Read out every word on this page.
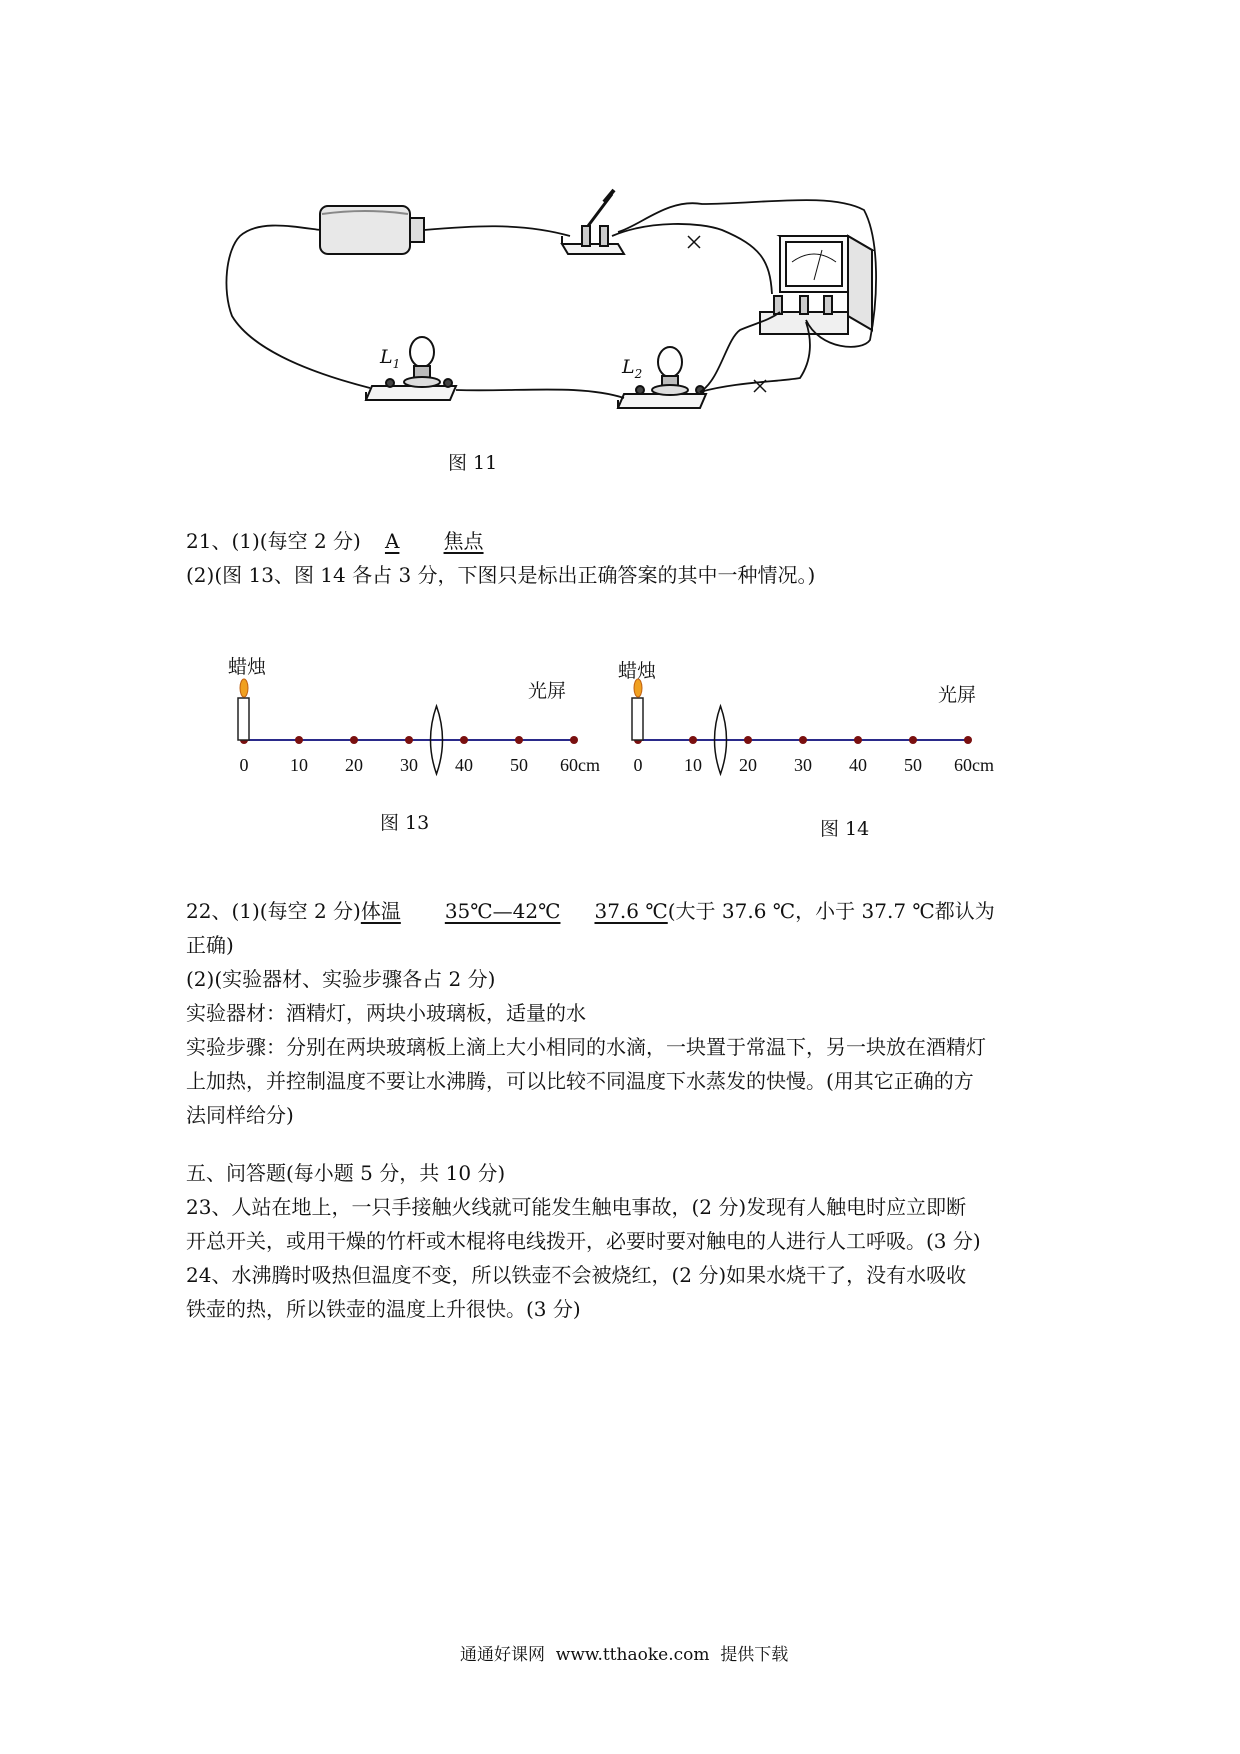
$L_1$	$L_2$
图 11
21、(1)(每空 2 分) A 焦点
(2)(图 13、图 14 各占 3 分，下图只是标出正确答案的其中一种情况。)
0 10 20 30 40 50 60cm 0 10 20 30 40 50 60cm
蜡烛
光屏
图 13
蜡烛
光屏
图 14
22、(1)(每空 2 分)体温 35℃—42℃ 37.6 ℃(大于 37.6 ℃，小于 37.7 ℃都认为
正确)
(2)(实验器材、实验步骤各占 2 分)
实验器材：酒精灯，两块小玻璃板，适量的水
实验步骤：分别在两块玻璃板上滴上大小相同的水滴，一块置于常温下，另一块放在酒精灯
上加热，并控制温度不要让水沸腾，可以比较不同温度下水蒸发的快慢。(用其它正确的方
法同样给分)
五、问答题(每小题 5 分，共 10 分)
23、人站在地上，一只手接触火线就可能发生触电事故，(2 分)发现有人触电时应立即断
开总开关，或用干燥的竹杆或木棍将电线拨开，必要时要对触电的人进行人工呼吸。(3 分)
24、水沸腾时吸热但温度不变，所以铁壶不会被烧红，(2 分)如果水烧干了，没有水吸收
铁壶的热，所以铁壶的温度上升很快。(3 分)
通通好课网  www.tthaoke.com  提供下载
